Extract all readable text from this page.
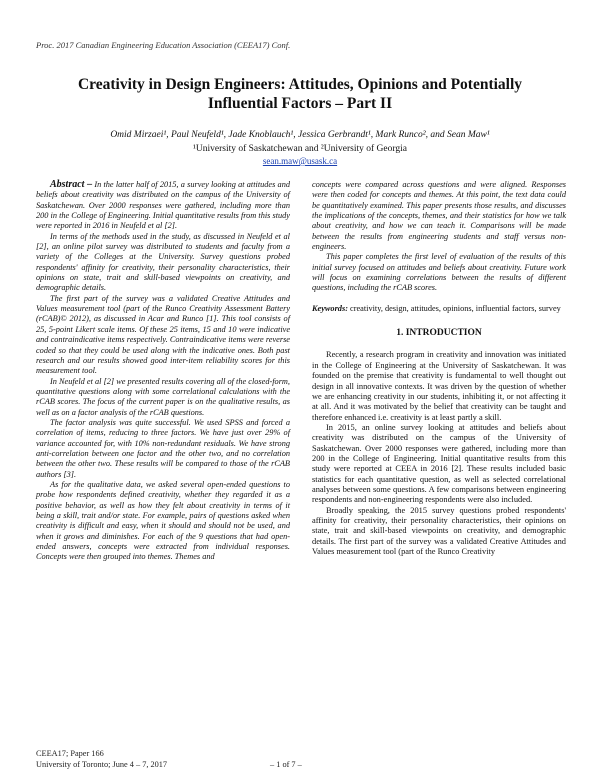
Proc. 2017 Canadian Engineering Education Association (CEEA17) Conf.
Creativity in Design Engineers: Attitudes, Opinions and Potentially
Influential Factors – Part II
Omid Mirzaei¹, Paul Neufeld¹, Jade Knoblauch¹, Jessica Gerbrandt¹, Mark Runco², and Sean Maw¹
¹University of Saskatchewan and ²University of Georgia
sean.maw@usask.ca

Abstract – In the latter half of 2015, a survey looking at attitudes and beliefs about creativity was distributed on the campus of the University of Saskatchewan. Over 2000 responses were gathered, including more than 200 in the College of Engineering. Initial quantitative results from this study were reported in 2016 in Neufeld et al [2].

In terms of the methods used in the study, as discussed in Neufeld et al [2], an online pilot survey was distributed to students and faculty from a variety of the Colleges at the University. Survey questions probed respondents' affinity for creativity, their personality characteristics, their opinions on state, trait and skill-based viewpoints on creativity, and demographic details.

The first part of the survey was a validated Creative Attitudes and Values measurement tool (part of the Runco Creativity Assessment Battery (rCAB)© 2012), as discussed in Acar and Runco [1]. This tool consists of 25, 5-point Likert scale items. Of these 25 items, 15 and 10 were indicative and contraindicative items respectively. Contraindicative items were reverse coded so that they could be used along with the indicative ones. Both past research and our results showed good inter-item reliability scores for this measurement tool.

In Neufeld et al [2] we presented results covering all of the closed-form, quantitative questions along with some correlational calculations with the rCAB scores. The focus of the current paper is on the qualitative results, as well as on a factor analysis of the rCAB questions.

The factor analysis was quite successful. We used SPSS and forced a correlation of items, reducing to three factors. We have just over 29% of variance accounted for, with 10% non-redundant residuals. We have strong anti-correlation between one factor and the other two, and no correlation between the other two. These results will be compared to those of the rCAB authors [3].

As for the qualitative data, we asked several open-ended questions to probe how respondents defined creativity, whether they regarded it as a positive behavior, as well as how they felt about creativity in terms of it being a skill, trait and/or state. For example, pairs of questions asked when creativity is difficult and easy, when it should and should not be used, and when it grows and diminishes. For each of the 9 questions that had open-ended answers, concepts were extracted from individual responses. Concepts were then grouped into themes. Themes and

concepts were compared across questions and were aligned. Responses were then coded for concepts and themes. At this point, the text data could be quantitatively examined. This paper presents those results, and discusses the implications of the concepts, themes, and their statistics for how we talk about creativity, and how we can teach it. Comparisons will be made between the results from engineering students and staff versus non-engineers.

This paper completes the first level of evaluation of the results of this initial survey focused on attitudes and beliefs about creativity. Future work will focus on examining correlations between the results of different questions, including the rCAB scores.

Keywords: creativity, design, attitudes, opinions, influential factors, survey

1. INTRODUCTION

Recently, a research program in creativity and innovation was initiated in the College of Engineering at the University of Saskatchewan. It was founded on the premise that creativity is fundamental to well thought out design in all innovative contexts. It was driven by the question of whether we are enhancing creativity in our students, inhibiting it, or not affecting it at all. And it was motivated by the belief that creativity can be taught and therefore enhanced i.e. creativity is at least partly a skill.

In 2015, an online survey looking at attitudes and beliefs about creativity was distributed on the campus of the University of Saskatchewan. Over 2000 responses were gathered, including more than 200 in the College of Engineering. Initial quantitative results from this study were reported at CEEA in 2016 [2]. These results included basic statistics for each quantitative question, as well as selected correlational analyses between some questions. A few comparisons between engineering respondents and non-engineering respondents were also included.

Broadly speaking, the 2015 survey questions probed respondents' affinity for creativity, their personality characteristics, their opinions on state, trait and skill-based viewpoints on creativity, and demographic details. The first part of the survey was a validated Creative Attitudes and Values measurement tool (part of the Runco Creativity

CEEA17; Paper 166
University of Toronto; June 4 – 7, 2017	– 1 of 7 –
